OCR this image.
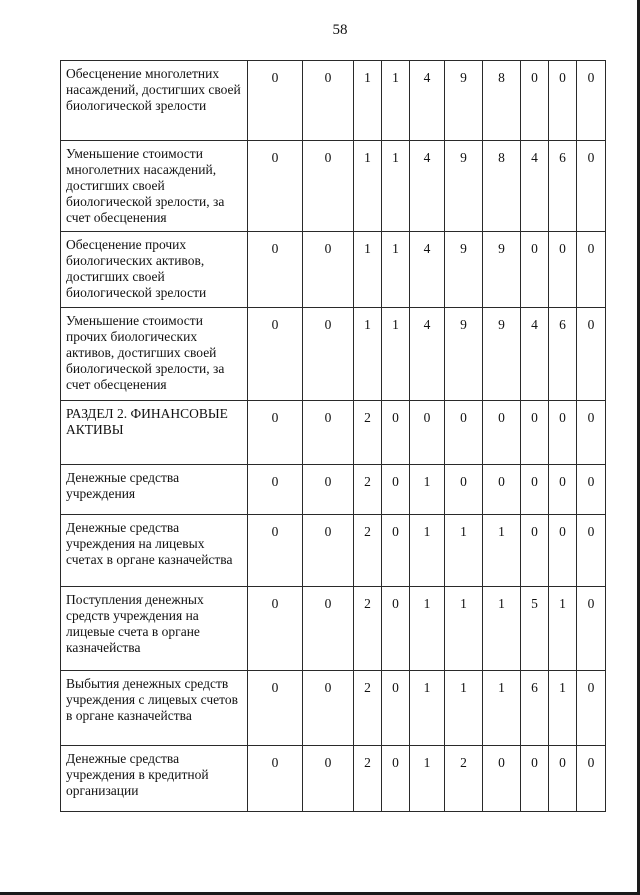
58
Обесценение многолетних насаждений, достигших своей биологической зрелости	0	0	1	1	4	9	8	0	0	0
Уменьшение стоимости многолетних насаждений, достигших своей биологической зрелости, за счет обесценения	0	0	1	1	4	9	8	4	6	0
Обесценение прочих биологических активов, достигших своей биологической зрелости	0	0	1	1	4	9	9	0	0	0
Уменьшение стоимости прочих биологических активов, достигших своей биологической зрелости, за счет обесценения	0	0	1	1	4	9	9	4	6	0
РАЗДЕЛ 2. ФИНАНСОВЫЕ АКТИВЫ	0	0	2	0	0	0	0	0	0	0
Денежные средства учреждения	0	0	2	0	1	0	0	0	0	0
Денежные средства учреждения на лицевых счетах в органе казначейства	0	0	2	0	1	1	1	0	0	0
Поступления денежных средств учреждения на лицевые счета в органе казначейства	0	0	2	0	1	1	1	5	1	0
Выбытия денежных средств учреждения с лицевых счетов в органе казначейства	0	0	2	0	1	1	1	6	1	0
Денежные средства учреждения в кредитной организации	0	0	2	0	1	2	0	0	0	0
